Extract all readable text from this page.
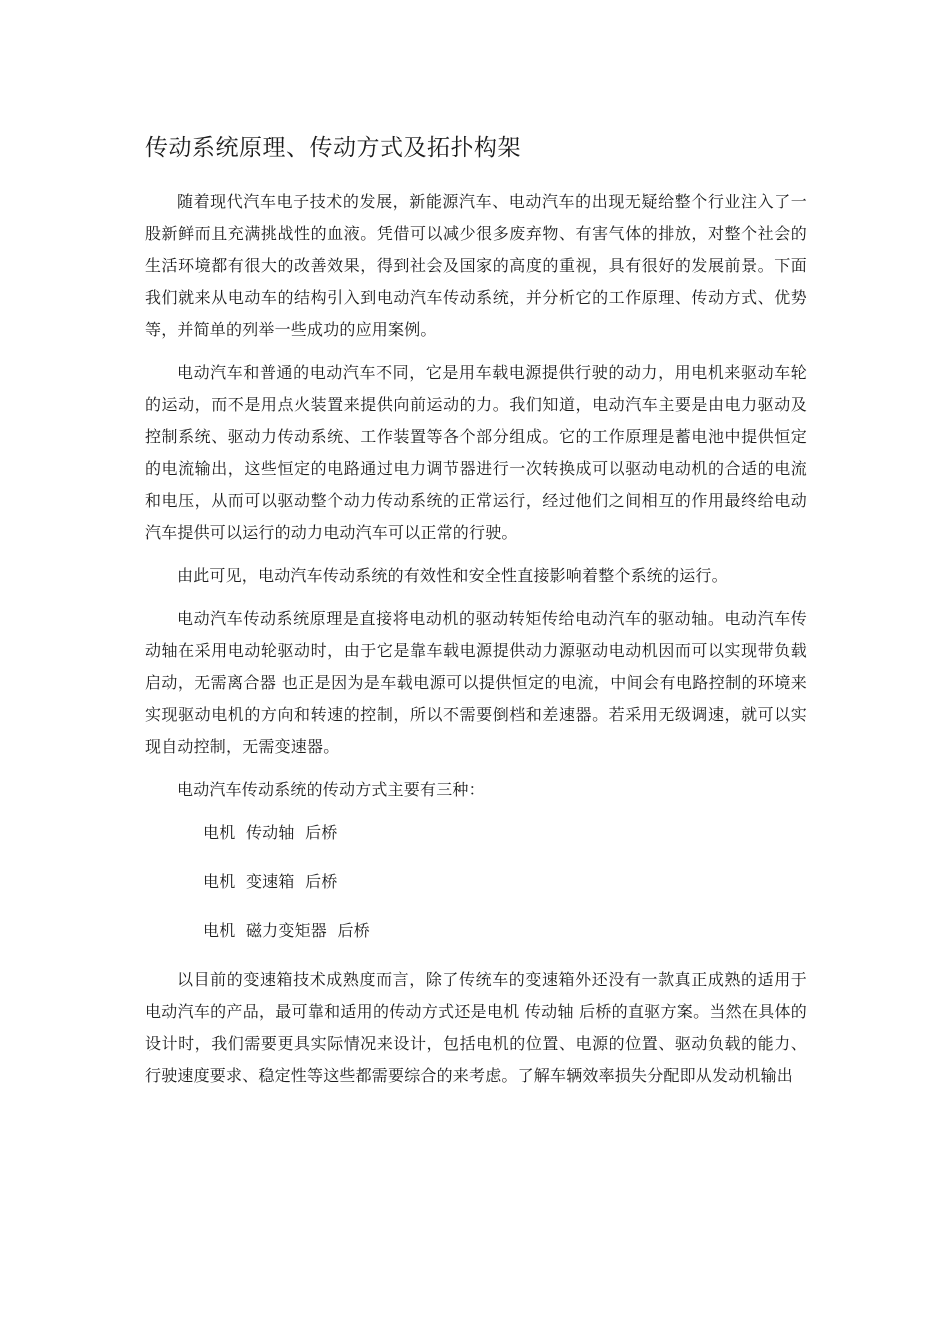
传动系统原理、传动方式及拓扑构架

随着现代汽车电子技术的发展，新能源汽车、电动汽车的出现无疑给整个行业注入了一股新鲜而且充满挑战性的血液。凭借可以减少很多废弃物、有害气体的排放，对整个社会的生活环境都有很大的改善效果，得到社会及国家的高度的重视，具有很好的发展前景。下面我们就来从电动车的结构引入到电动汽车传动系统，并分析它的工作原理、传动方式、优势等，并简单的列举一些成功的应用案例。

电动汽车和普通的电动汽车不同，它是用车载电源提供行驶的动力，用电机来驱动车轮的运动，而不是用点火装置来提供向前运动的力。我们知道，电动汽车主要是由电力驱动及控制系统、驱动力传动系统、工作装置等各个部分组成。它的工作原理是蓄电池中提供恒定的电流输出，这些恒定的电路通过电力调节器进行一次转换成可以驱动电动机的合适的电流和电压，从而可以驱动整个动力传动系统的正常运行，经过他们之间相互的作用最终给电动汽车提供可以运行的动力电动汽车可以正常的行驶。

由此可见，电动汽车传动系统的有效性和安全性直接影响着整个系统的运行。

电动汽车传动系统原理是直接将电动机的驱动转矩传给电动汽车的驱动轴。电动汽车传动轴在采用电动轮驱动时，由于它是靠车载电源提供动力源驱动电动机因而可以实现带负载启动，无需离合器 也正是因为是车载电源可以提供恒定的电流，中间会有电路控制的环境来实现驱动电机的方向和转速的控制，所以不需要倒档和差速器。若采用无级调速，就可以实现自动控制，无需变速器。

电动汽车传动系统的传动方式主要有三种：

电机  传动轴  后桥
电机  变速箱  后桥
电机  磁力变矩器  后桥

以目前的变速箱技术成熟度而言，除了传统车的变速箱外还没有一款真正成熟的适用于电动汽车的产品，最可靠和适用的传动方式还是电机 传动轴 后桥的直驱方案。当然在具体的设计时，我们需要更具实际情况来设计，包括电机的位置、电源的位置、驱动负载的能力、行驶速度要求、稳定性等这些都需要综合的来考虑。了解车辆效率损失分配即从发动机输出
